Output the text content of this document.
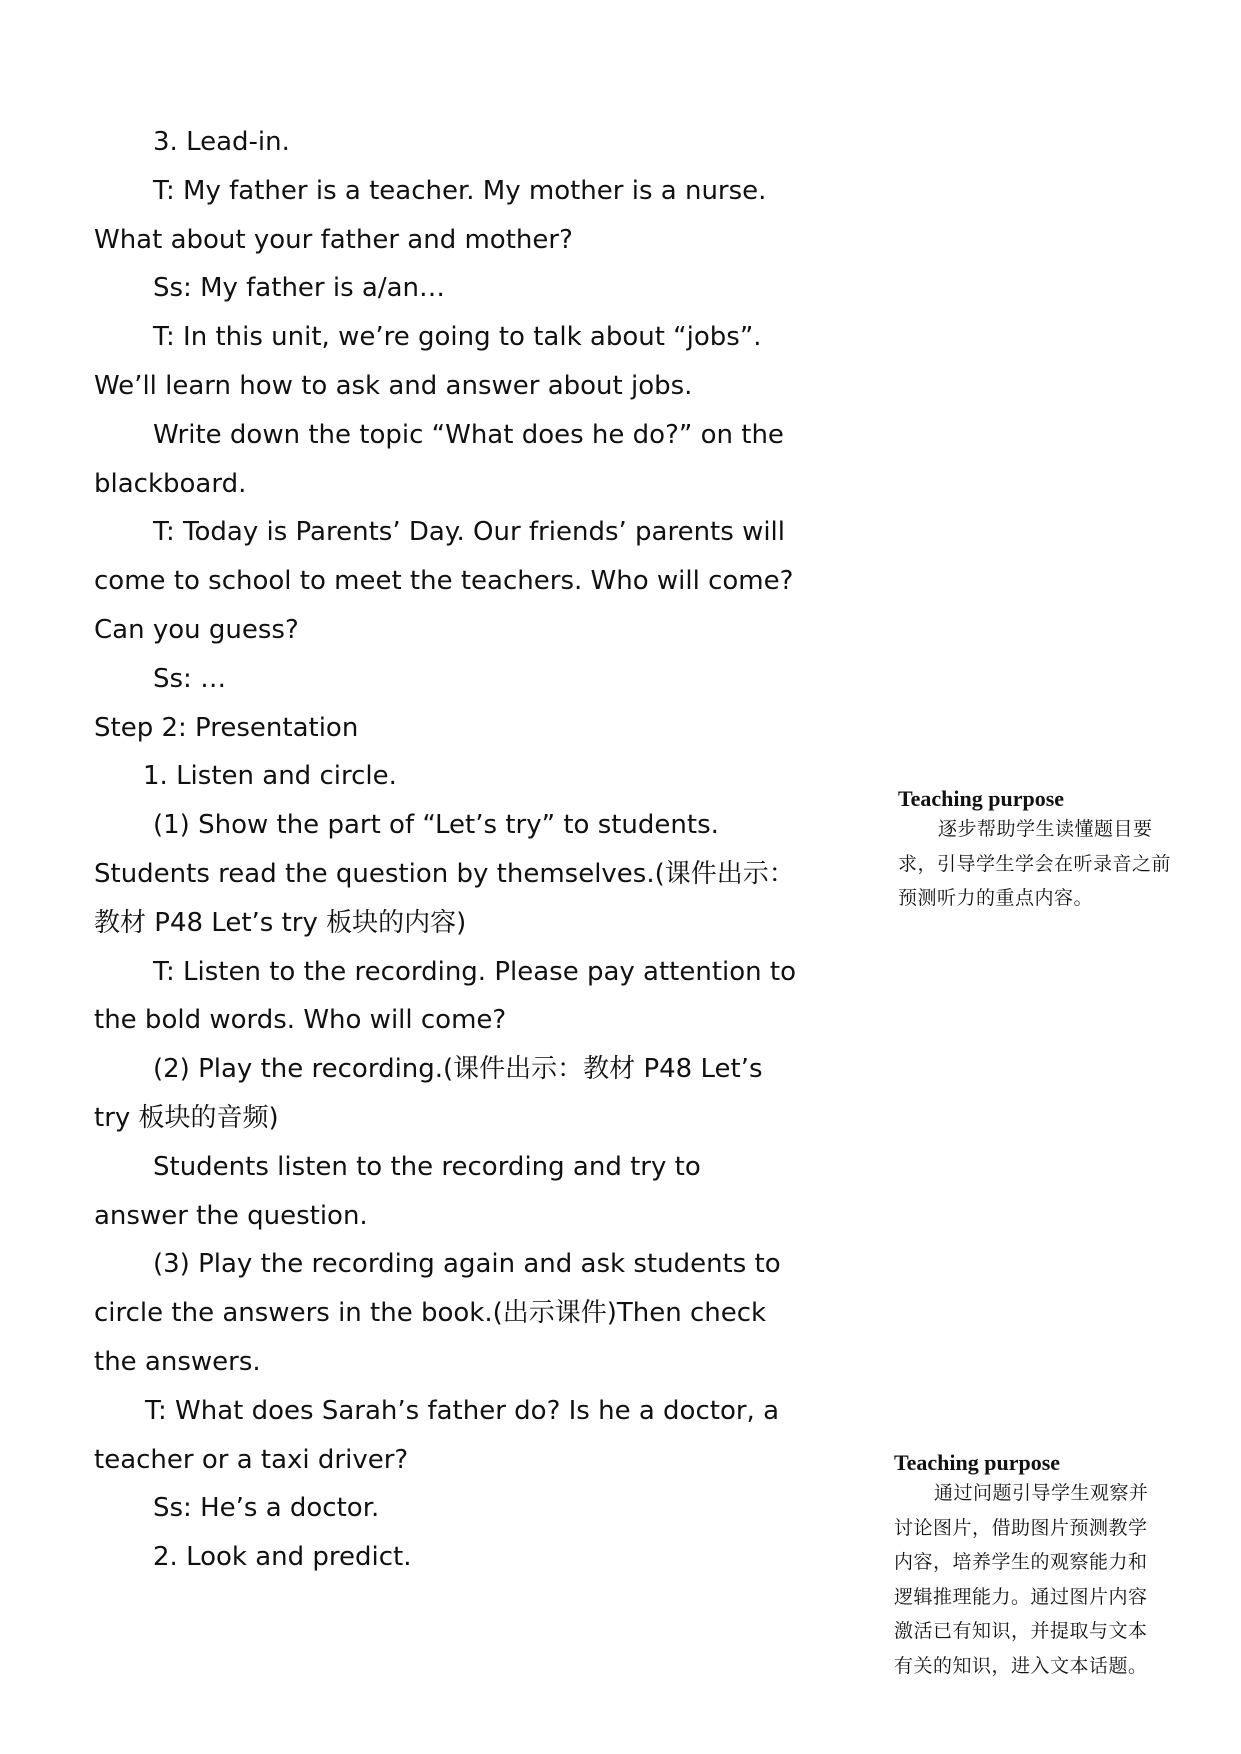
3. Lead-in.

T: My father is a teacher. My mother is a nurse.

What about your father and mother?

Ss: My father is a/an…

T: In this unit, we’re going to talk about “jobs”.

We’ll learn how to ask and answer about jobs.

Write down the topic “What does he do?” on the

blackboard.

T: Today is Parents’ Day. Our friends’ parents will

come to school to meet the teachers. Who will come?

Can you guess?

Ss: …

Step 2: Presentation

1. Listen and circle.

(1) Show the part of “Let’s try” to students.

Students read the question by themselves.(课件出示：

教材 P48 Let’s try 板块的内容)

T: Listen to the recording. Please pay attention to

the bold words. Who will come?

(2) Play the recording.(课件出示：教材 P48 Let’s

try 板块的音频)

Students listen to the recording and try to

answer the question.

(3) Play the recording again and ask students to

circle the answers in the book.(出示课件)Then check

the answers.

T: What does Sarah’s father do? Is he a doctor, a

teacher or a taxi driver?

Ss: He’s a doctor.

2. Look and predict.

Teaching purpose

逐步帮助学生读懂题目要求，引导学生学会在听录音之前预测听力的重点内容。

Teaching purpose

通过问题引导学生观察并讨论图片，借助图片预测教学内容，培养学生的观察能力和逻辑推理能力。通过图片内容激活已有知识，并提取与文本有关的知识，进入文本话题。
